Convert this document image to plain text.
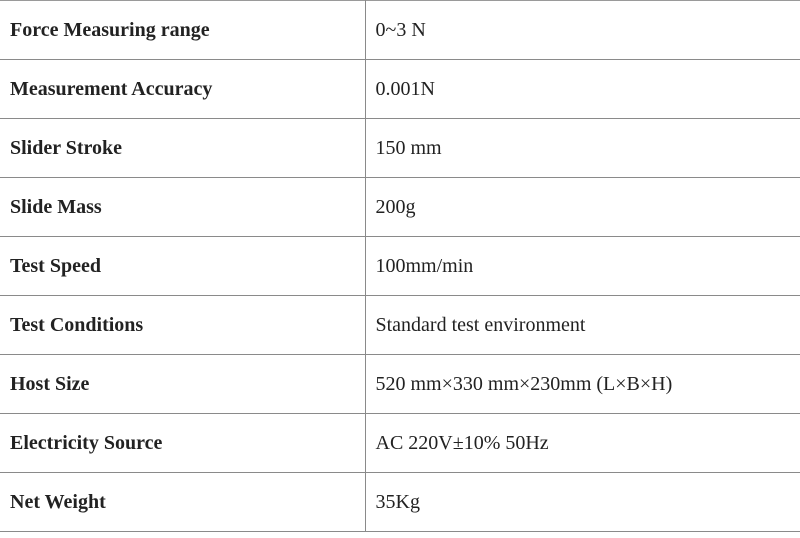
Force Measuring range	0~3 N
Measurement Accuracy	0.001N
Slider Stroke	150 mm
Slide Mass	200g
Test Speed	100mm/min
Test Conditions	Standard test environment
Host Size	520 mm×330 mm×230mm (L×B×H)
Electricity Source	AC 220V±10% 50Hz
Net Weight	35Kg
